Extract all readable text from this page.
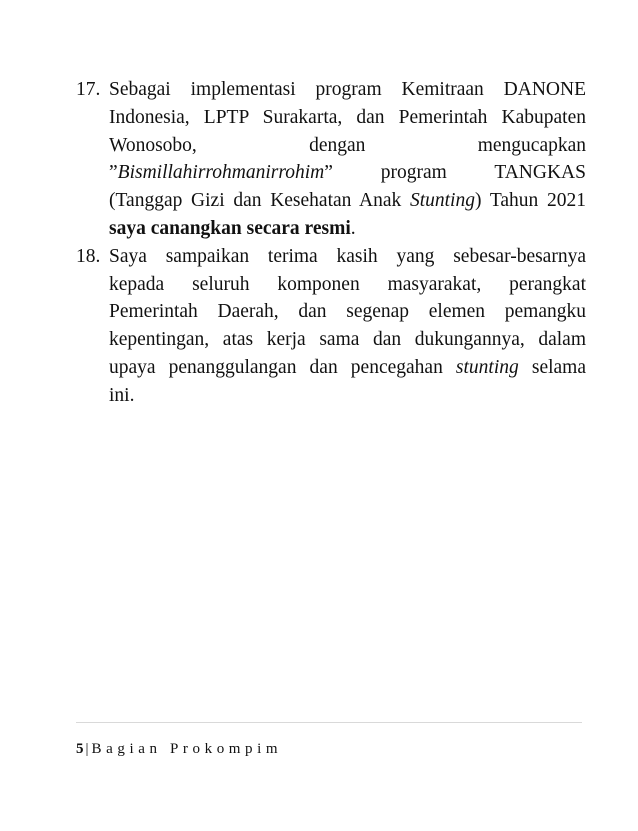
17. Sebagai implementasi program Kemitraan DANONE
Indonesia, LPTP Surakarta, dan Pemerintah Kabupaten
Wonosobo, dengan mengucapkan
”Bismillahirrohmanirrohim” program TANGKAS
(Tanggap Gizi dan Kesehatan Anak Stunting) Tahun 2021
saya canangkan secara resmi.
18. Saya sampaikan terima kasih yang sebesar-besarnya
kepada seluruh komponen masyarakat, perangkat
Pemerintah Daerah, dan segenap elemen pemangku
kepentingan, atas kerja sama dan dukungannya, dalam
upaya penanggulangan dan pencegahan stunting selama
ini.
5 | Bagian Prokompim
